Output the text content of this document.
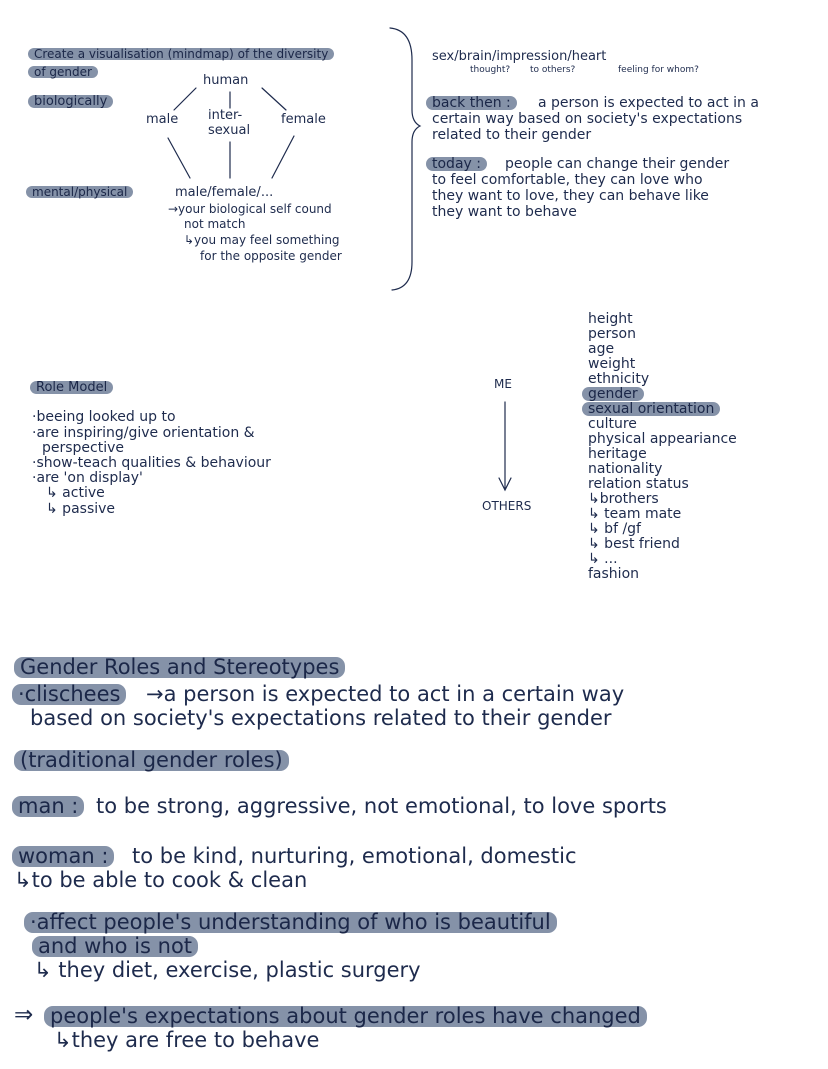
Create a visualisation (mindmap) of the diversity
of gender
human
biologically
male inter-
sexual
female
mental/physical	male/female/...
→your biological self cound
not match
↳you may feel something
for the opposite gender
sex/brain/impression/heart
thought? to others?	feeling for whom?
back then :	a person is expected to act in a
certain way based on society's expectations
related to their gender
today :	people can change their gender
to feel comfortable, they can love who
they want to love, they can behave like
they want to behave
Role Model
·beeing looked up to
·are inspiring/give orientation &
perspective
·show-teach qualities & behaviour
·are 'on display'
↳ active
↳ passive
ME
OTHERS
height
person
age
weight
ethnicity
gender
sexual orientation
culture
physical appeariance
heritage
nationality
relation status
↳brothers
↳ team mate
↳ bf /gf
↳ best friend
↳ ...
fashion
Gender Roles and Stereotypes
·clischees →a person is expected to act in a certain way
based on society's expectations related to their gender
(traditional gender roles)
man : to be strong, aggressive, not emotional, to love sports
woman : to be kind, nurturing, emotional, domestic
↳to be able to cook & clean
·affect people's understanding of who is beautiful
and who is not
↳ they diet, exercise, plastic surgery
⇒ people's expectations about gender roles have changed
↳they are free to behave
